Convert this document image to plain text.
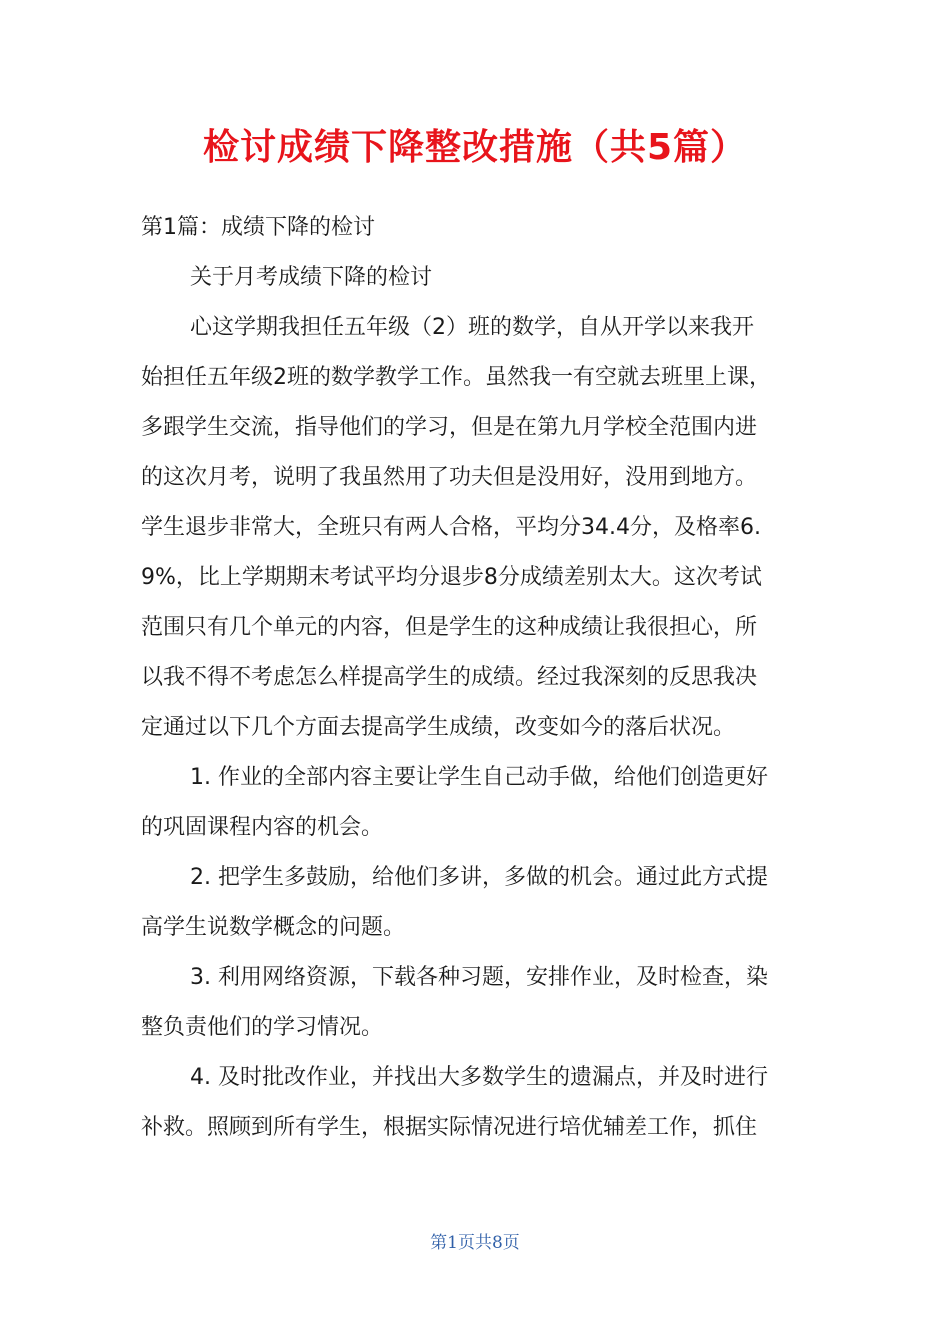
检讨成绩下降整改措施（共5篇）

第1篇：成绩下降的检讨

关于月考成绩下降的检讨

心这学期我担任五年级（2）班的数学，自从开学以来我开

始担任五年级2班的数学教学工作。虽然我一有空就去班里上课，

多跟学生交流，指导他们的学习，但是在第九月学校全范围内进

的这次月考，说明了我虽然用了功夫但是没用好，没用到地方。

学生退步非常大，全班只有两人合格，平均分34.4分，及格率6.

9%，比上学期期末考试平均分退步8分成绩差别太大。这次考试

范围只有几个单元的内容，但是学生的这种成绩让我很担心，所

以我不得不考虑怎么样提高学生的成绩。经过我深刻的反思我决

定通过以下几个方面去提高学生成绩，改变如今的落后状况。

1. 作业的全部内容主要让学生自己动手做，给他们创造更好

的巩固课程内容的机会。

2. 把学生多鼓励，给他们多讲，多做的机会。通过此方式提

高学生说数学概念的问题。

3. 利用网络资源，下载各种习题，安排作业，及时检查，染

整负责他们的学习情况。

4. 及时批改作业，并找出大多数学生的遗漏点，并及时进行

补救。照顾到所有学生，根据实际情况进行培优辅差工作，抓住

第1页共8页
